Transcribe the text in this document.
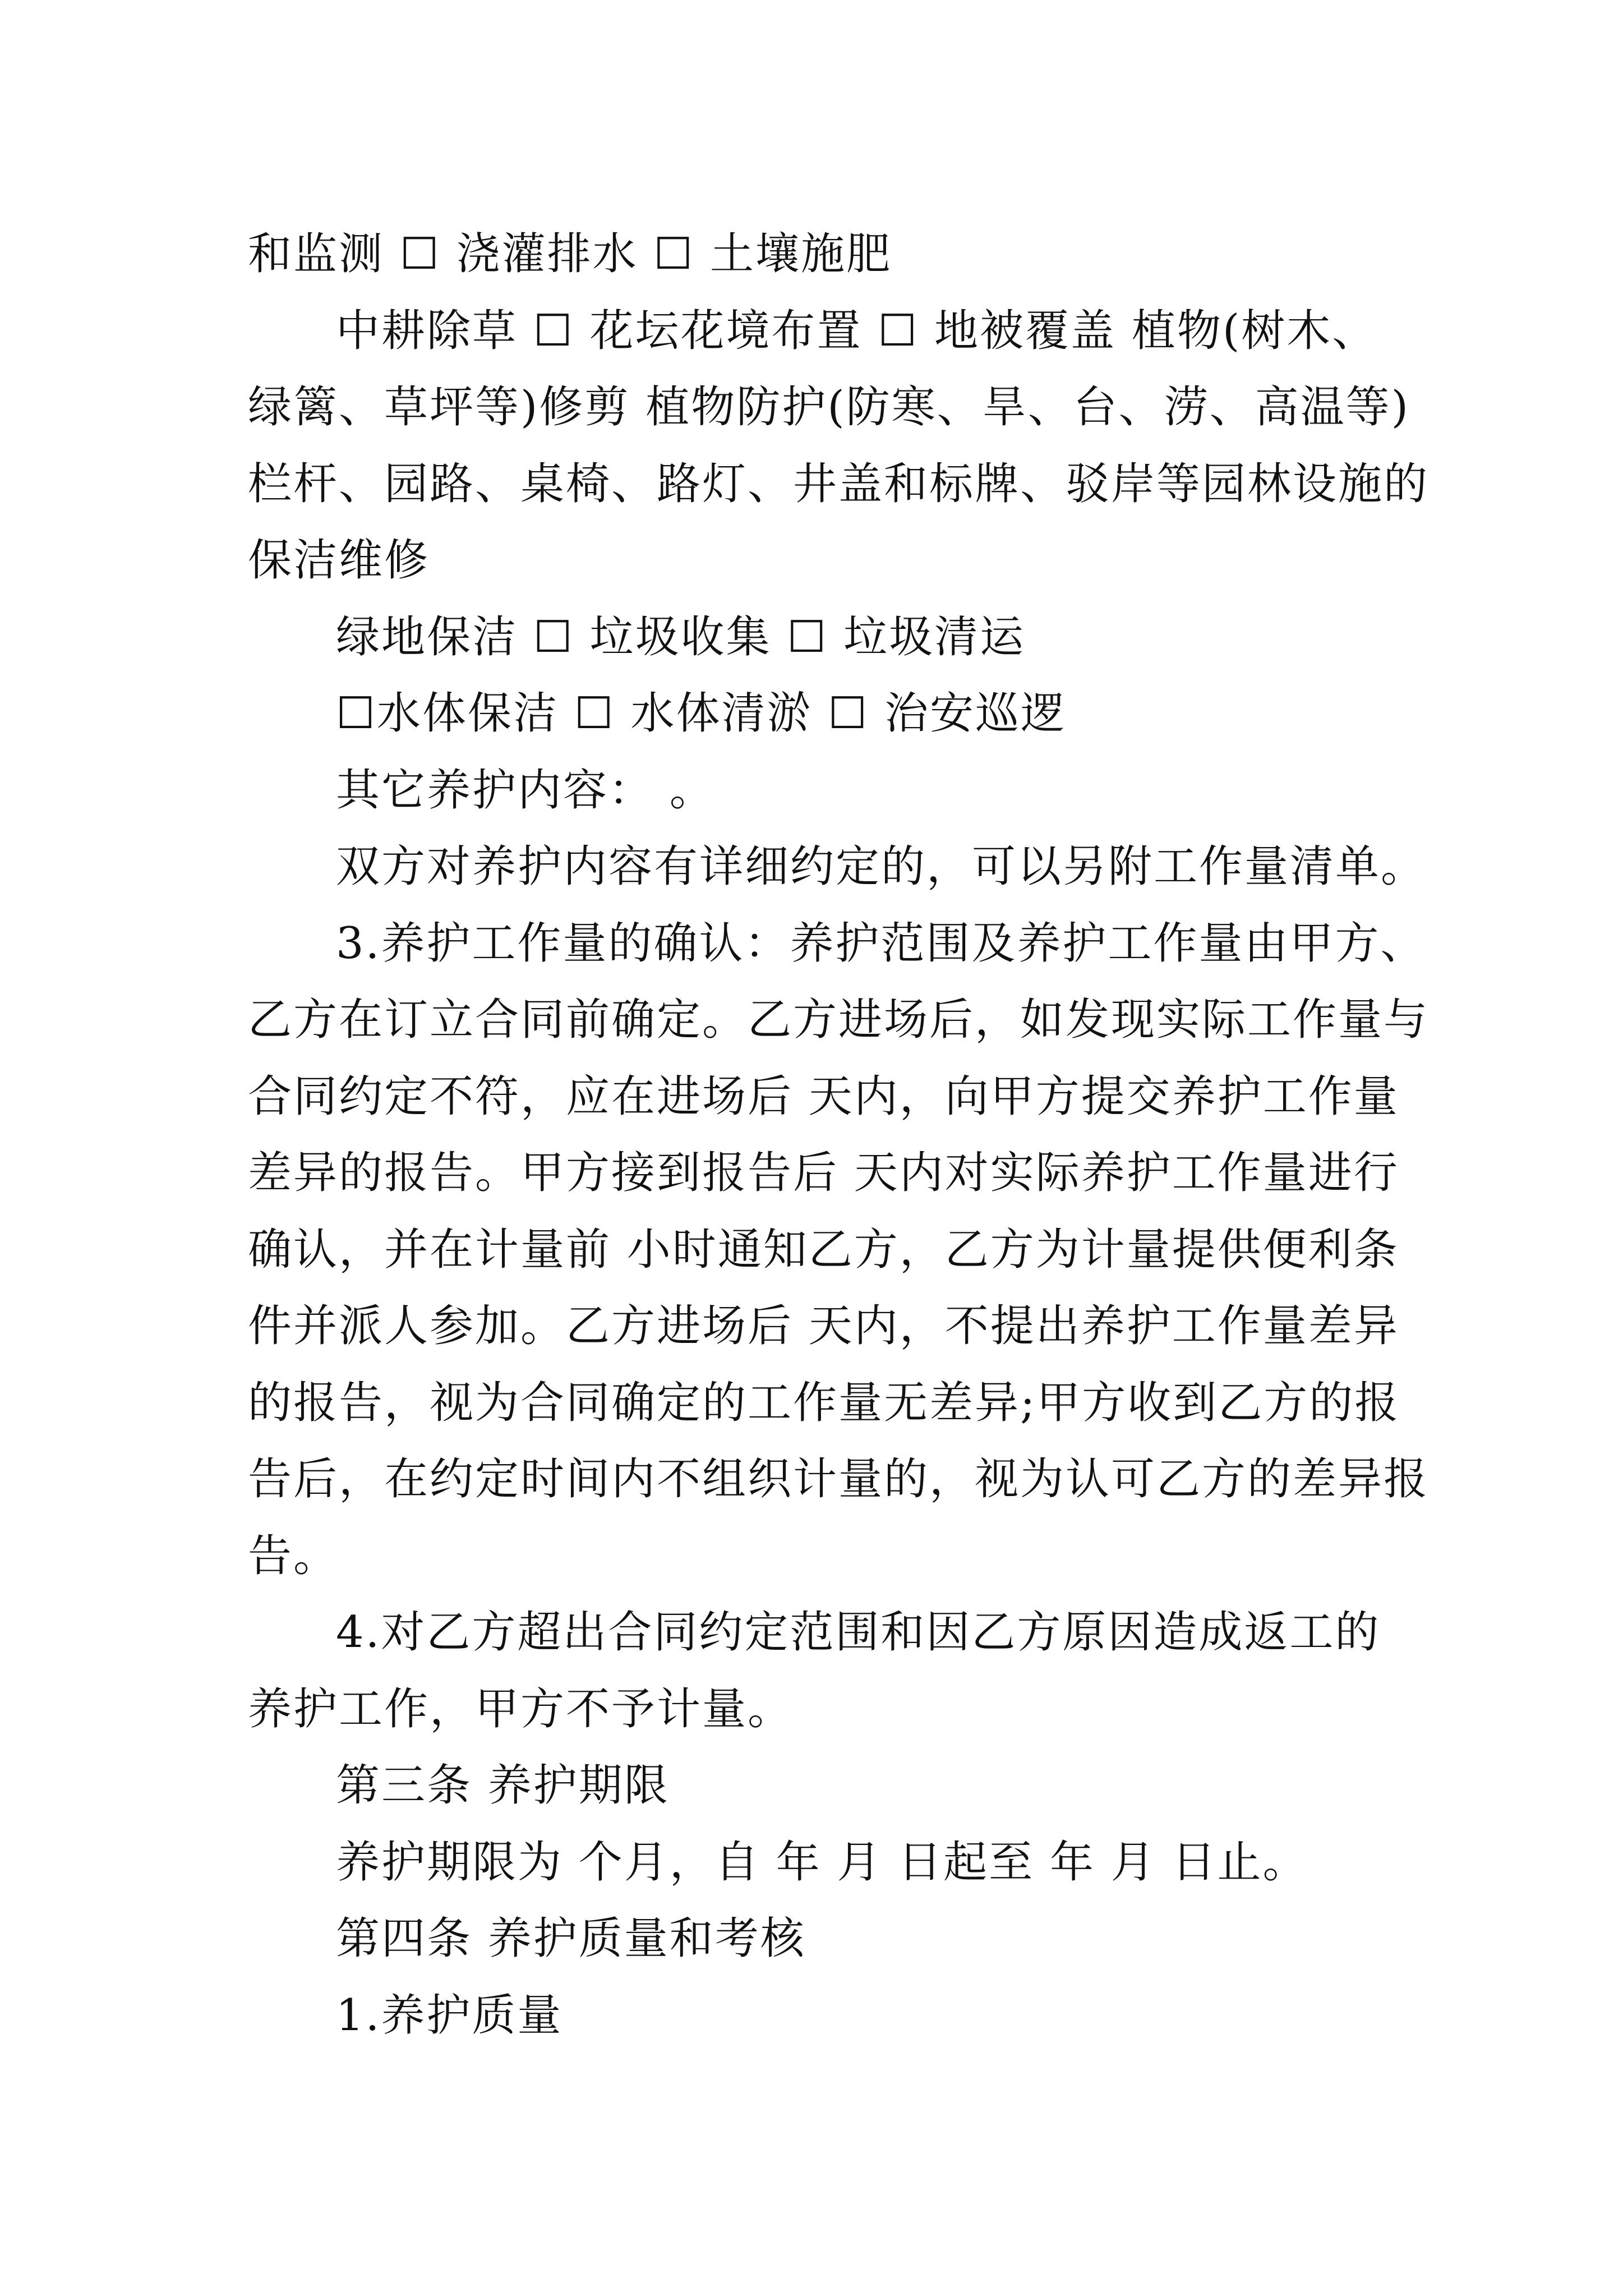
和监测 ☐ 浇灌排水 ☐ 土壤施肥
中耕除草 ☐ 花坛花境布置 ☐ 地被覆盖 植物(树木、
绿篱、草坪等)修剪 植物防护(防寒、旱、台、涝、高温等)
栏杆、园路、桌椅、路灯、井盖和标牌、驳岸等园林设施的
保洁维修
绿地保洁 ☐ 垃圾收集 ☐ 垃圾清运
☐水体保洁 ☐ 水体清淤 ☐ 治安巡逻
其它养护内容： 。
双方对养护内容有详细约定的，可以另附工作量清单。
3.养护工作量的确认：养护范围及养护工作量由甲方、
乙方在订立合同前确定。乙方进场后，如发现实际工作量与
合同约定不符，应在进场后 天内，向甲方提交养护工作量
差异的报告。甲方接到报告后 天内对实际养护工作量进行
确认，并在计量前 小时通知乙方，乙方为计量提供便利条
件并派人参加。乙方进场后 天内，不提出养护工作量差异
的报告，视为合同确定的工作量无差异;甲方收到乙方的报
告后，在约定时间内不组织计量的，视为认可乙方的差异报
告。
4.对乙方超出合同约定范围和因乙方原因造成返工的
养护工作，甲方不予计量。
第三条 养护期限
养护期限为 个月，自 年 月 日起至 年 月 日止。
第四条 养护质量和考核
1.养护质量
